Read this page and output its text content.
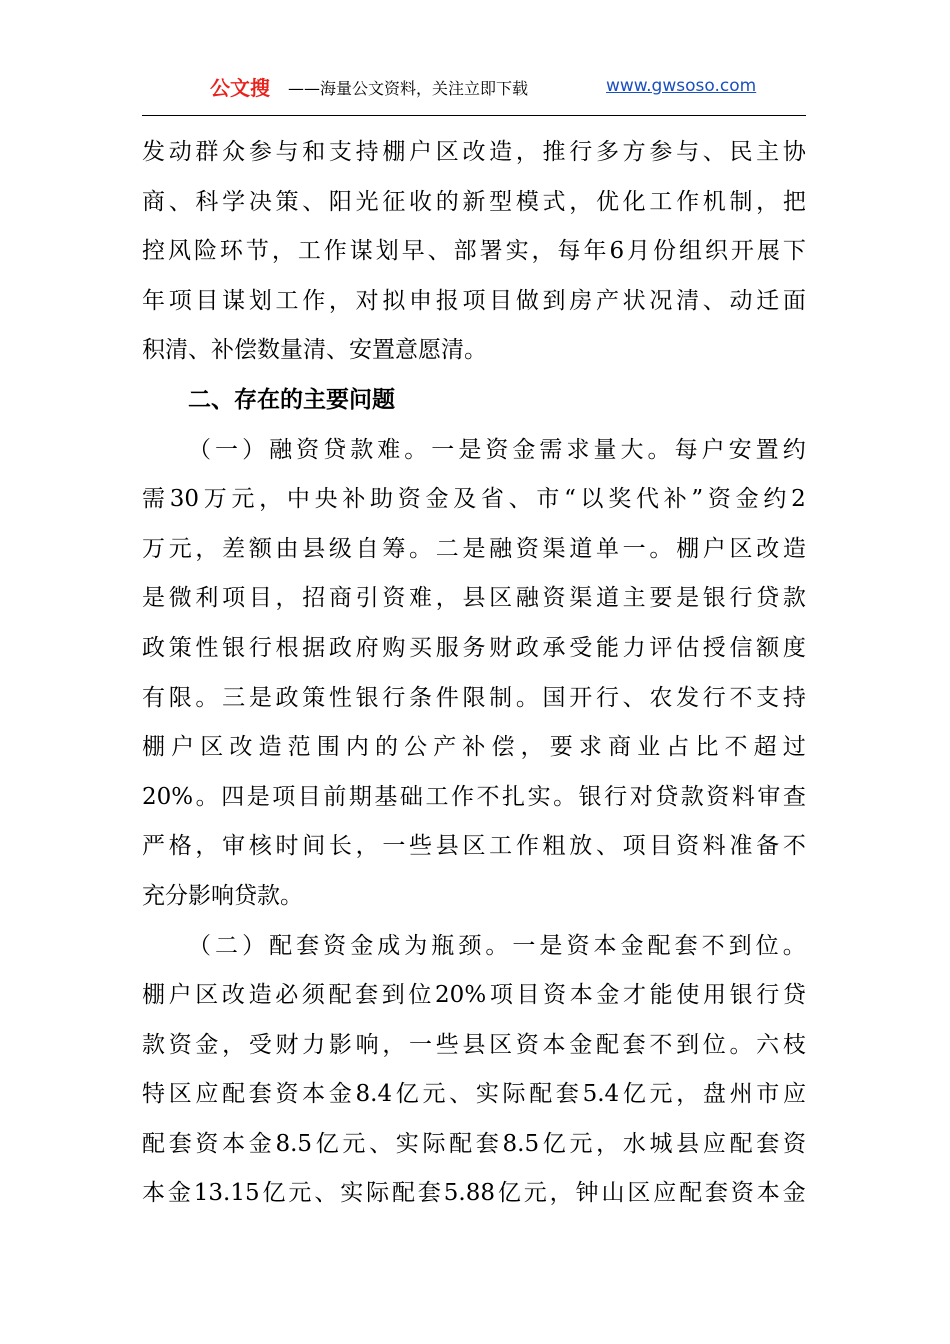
公文搜 ——海量公文资料，关注立即下载	www.gwsoso.com
发 动 群 众 参 与 和 支 持 棚 户 区 改 造 ， 推 行 多 方 参 与 、 民 主 协
商 、 科 学 决 策 、 阳 光 征 收 的 新 型 模 式 ， 优 化 工 作 机 制 ， 把
控 风 险 环 节 ， 工 作 谋 划 早 、 部 署 实 ， 每 年 6 月 份 组 织 开 展 下
年 项 目 谋 划 工 作 ， 对 拟 申 报 项 目 做 到 房 产 状 况 清 、 动 迁 面
积清、补偿数量清、安置意愿清。
二、存在的主要问题
（ 一 ） 融 资 贷 款 难 。 一 是 资 金 需 求 量 大 。 每 户 安 置 约
需 30 万 元 ， 中 央 补 助 资 金 及 省 、 市 “ 以 奖 代 补 ” 资 金 约 2
万 元 ， 差 额 由 县 级 自 筹 。 二 是 融 资 渠 道 单 一 。 棚 户 区 改 造
是 微 利 项 目 ， 招 商 引 资 难 ， 县 区 融 资 渠 道 主 要 是 银 行 贷 款
政 策 性 银 行 根 据 政 府 购 买 服 务 财 政 承 受 能 力 评 估 授 信 额 度
有 限 。 三 是 政 策 性 银 行 条 件 限 制 。 国 开 行 、 农 发 行 不 支 持
棚 户 区 改 造 范 围 内 的 公 产 补 偿 ， 要 求 商 业 占 比 不 超 过
20% 。 四 是 项 目 前 期 基 础 工 作 不 扎 实 。 银 行 对 贷 款 资 料 审 查
严 格 ， 审 核 时 间 长 ， 一 些 县 区 工 作 粗 放 、 项 目 资 料 准 备 不
充分影响贷款。
（ 二 ） 配 套 资 金 成 为 瓶 颈 。 一 是 资 本 金 配 套 不 到 位 。
棚 户 区 改 造 必 须 配 套 到 位 20% 项 目 资 本 金 才 能 使 用 银 行 贷
款 资 金 ， 受 财 力 影 响 ， 一 些 县 区 资 本 金 配 套 不 到 位 。 六 枝
特 区 应 配 套 资 本 金 8.4 亿 元 、 实 际 配 套 5.4 亿 元 ， 盘 州 市 应
配 套 资 本 金 8.5 亿 元 、 实 际 配 套 8.5 亿 元 ， 水 城 县 应 配 套 资
本 金 13.15 亿 元 、 实 际 配 套 5.88 亿 元 ， 钟 山 区 应 配 套 资 本 金
